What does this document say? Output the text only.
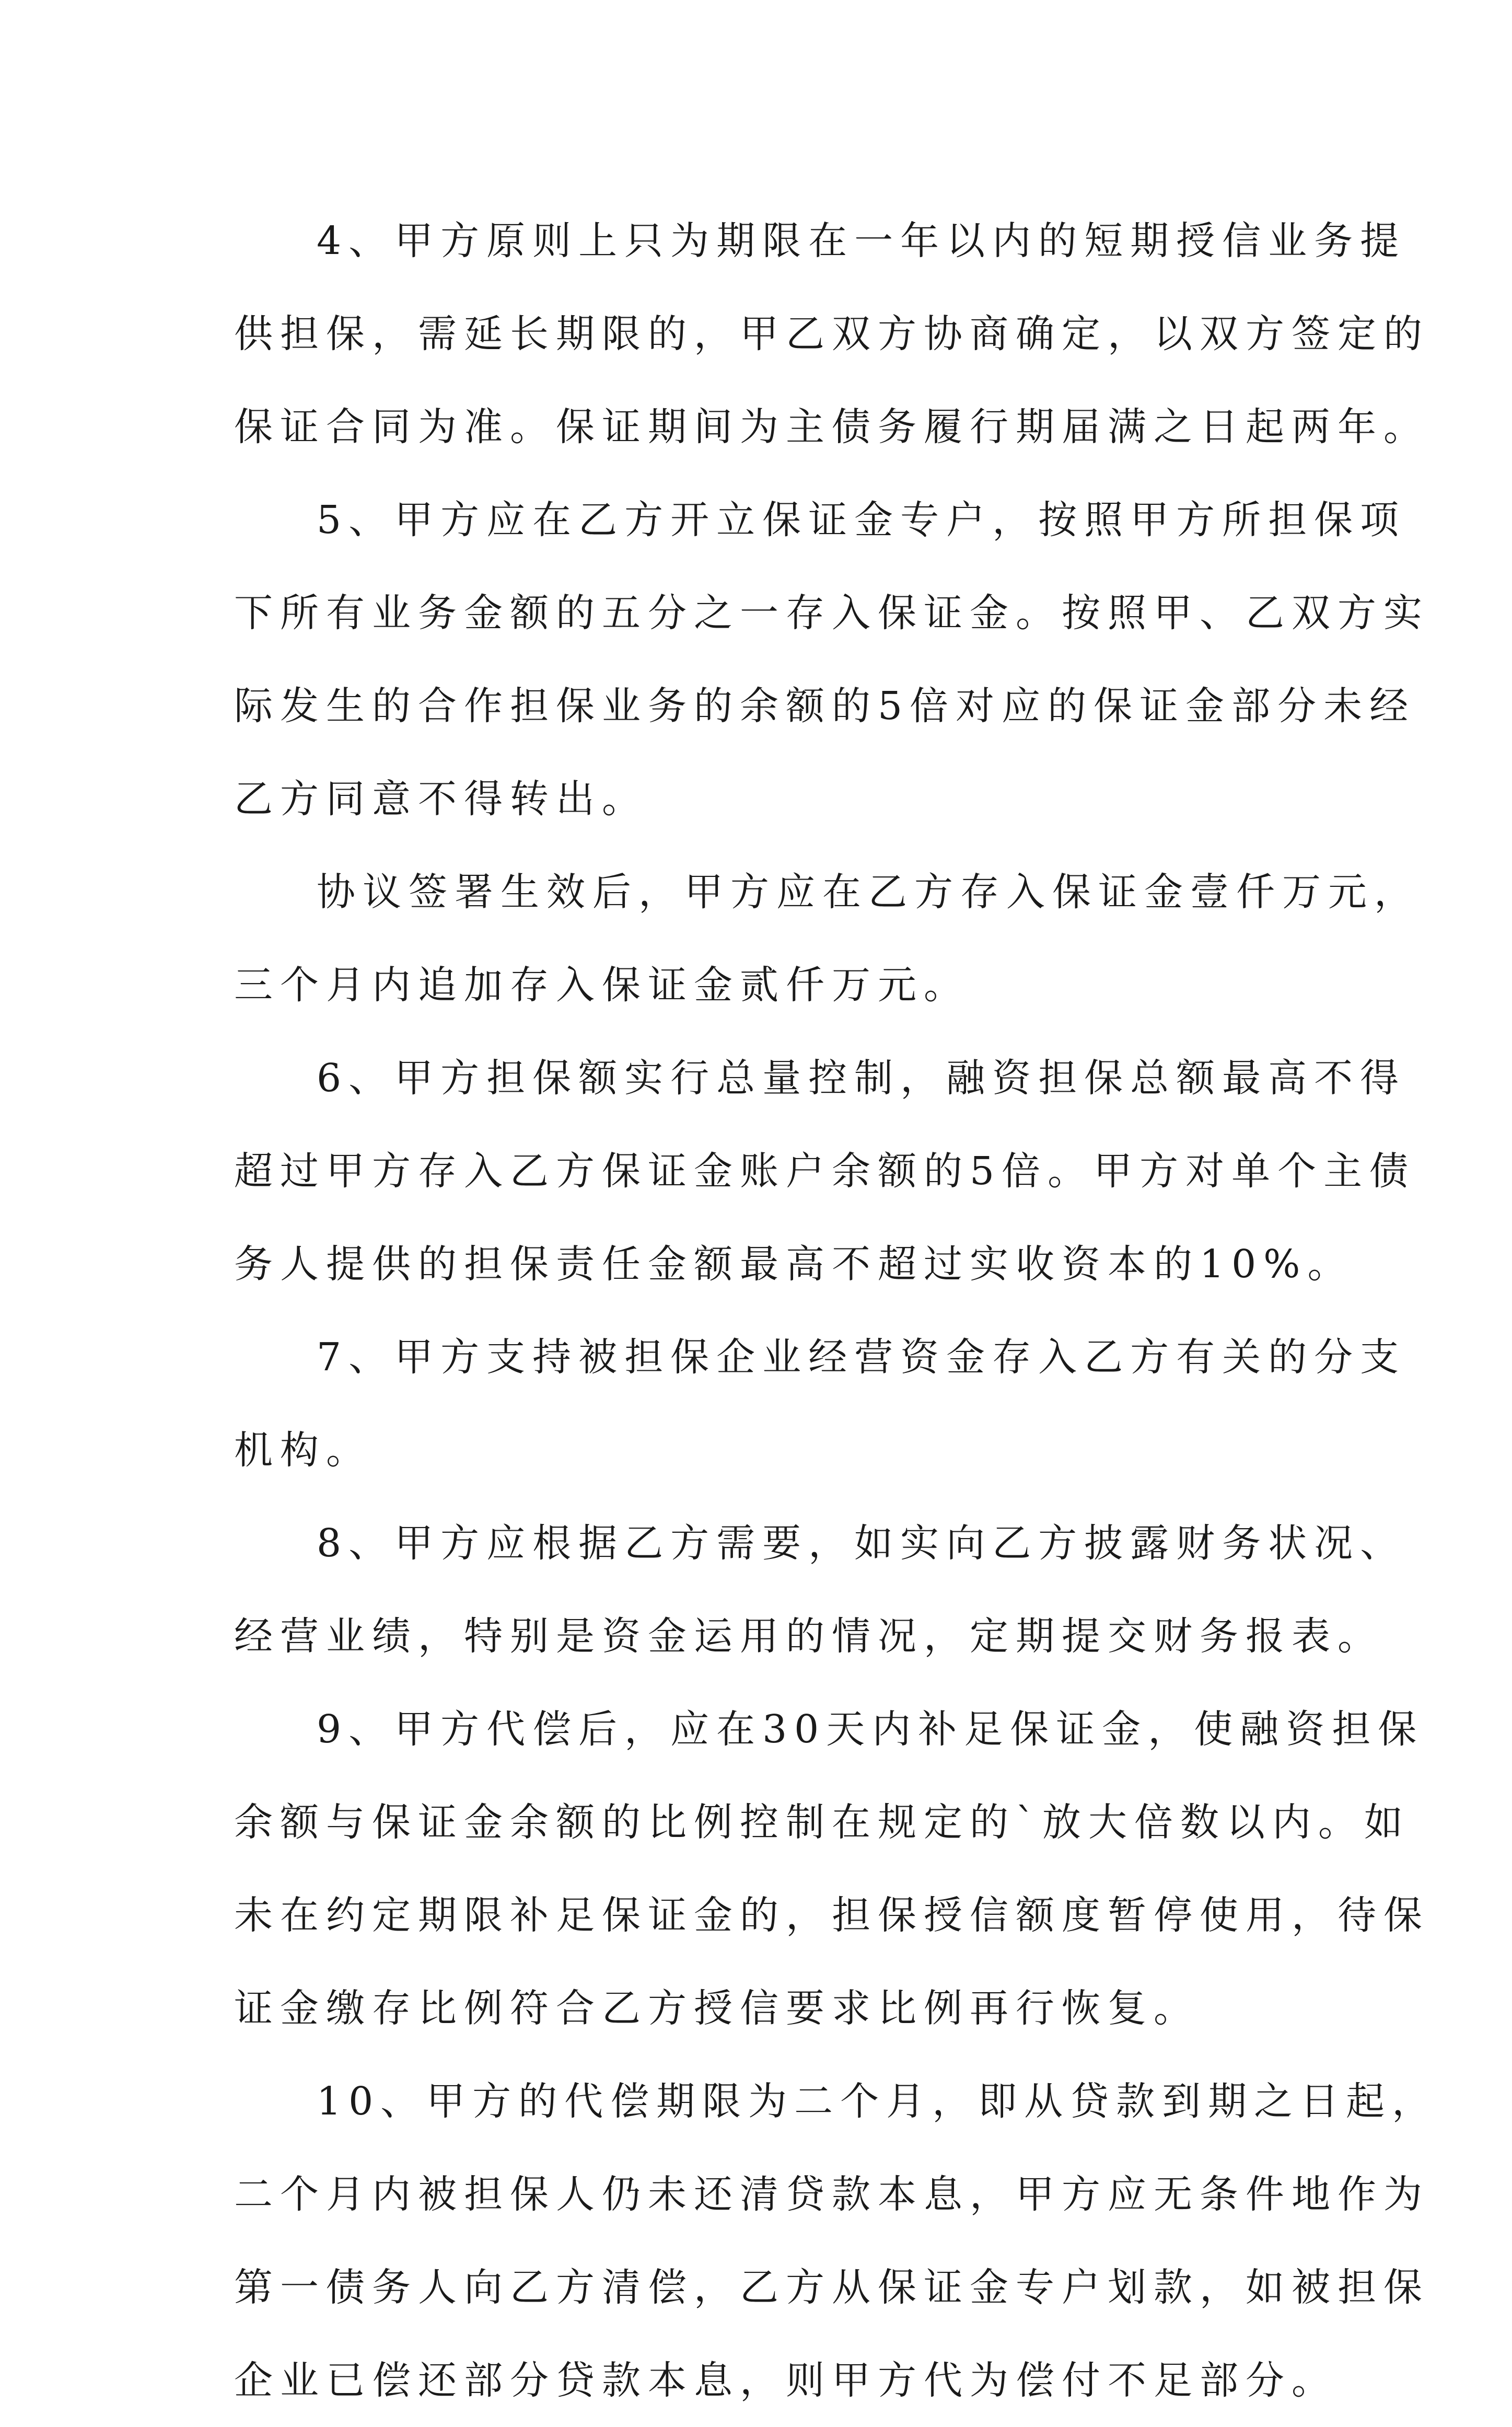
4、甲方原则上只为期限在一年以内的短期授信业务提
供担保，需延长期限的，甲乙双方协商确定，以双方签定的
保证合同为准。保证期间为主债务履行期届满之日起两年。
5、甲方应在乙方开立保证金专户，按照甲方所担保项
下所有业务金额的五分之一存入保证金。按照甲、乙双方实
际发生的合作担保业务的余额的5倍对应的保证金部分未经
乙方同意不得转出。
协议签署生效后，甲方应在乙方存入保证金壹仟万元，
三个月内追加存入保证金贰仟万元。
6、甲方担保额实行总量控制，融资担保总额最高不得
超过甲方存入乙方保证金账户余额的5倍。甲方对单个主债
务人提供的担保责任金额最高不超过实收资本的10%。
7、甲方支持被担保企业经营资金存入乙方有关的分支
机构。
8、甲方应根据乙方需要，如实向乙方披露财务状况、
经营业绩，特别是资金运用的情况，定期提交财务报表。
9、甲方代偿后，应在30天内补足保证金，使融资担保
余额与保证金余额的比例控制在规定的`放大倍数以内。如
未在约定期限补足保证金的，担保授信额度暂停使用，待保
证金缴存比例符合乙方授信要求比例再行恢复。
10、甲方的代偿期限为二个月，即从贷款到期之日起，
二个月内被担保人仍未还清贷款本息，甲方应无条件地作为
第一债务人向乙方清偿，乙方从保证金专户划款，如被担保
企业已偿还部分贷款本息，则甲方代为偿付不足部分。
